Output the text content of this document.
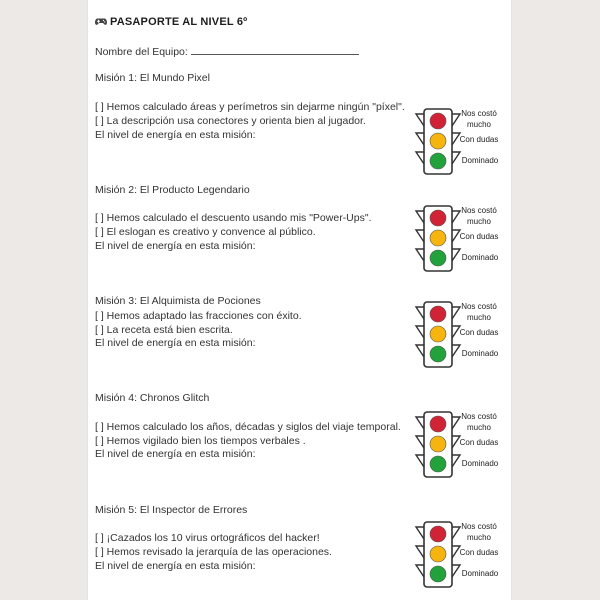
PASAPORTE AL NIVEL 6º
Nombre del Equipo:
Misión 1: El Mundo Pixel
[ ] Hemos calculado áreas y perímetros sin dejarme ningún "píxel".
[ ] La descripción usa conectores y orienta bien al jugador.
El nivel de energía en esta misión:
Nos costó mucho
Con dudas
Dominado
Misión 2: El Producto Legendario
[ ] Hemos calculado el descuento usando mis "Power-Ups".
[ ] El eslogan es creativo y convence al público.
El nivel de energía en esta misión:
Nos costó mucho
Con dudas
Dominado
Misión 3: El Alquimista de Pociones
[ ] Hemos adaptado las fracciones con éxito.
[ ] La receta está bien escrita.
El nivel de energía en esta misión:
Nos costó mucho
Con dudas
Dominado
Misión 4: Chronos Glitch
[ ] Hemos calculado los años, décadas y siglos del viaje temporal.
[ ] Hemos vigilado bien los tiempos verbales .
El nivel de energía en esta misión:
Nos costó mucho
Con dudas
Dominado
Misión 5: El Inspector de Errores
[ ] ¡Cazados los 10 virus ortográficos del hacker!
[ ] Hemos revisado la jerarquía de las operaciones.
El nivel de energía en esta misión:
Nos costó mucho
Con dudas
Dominado
